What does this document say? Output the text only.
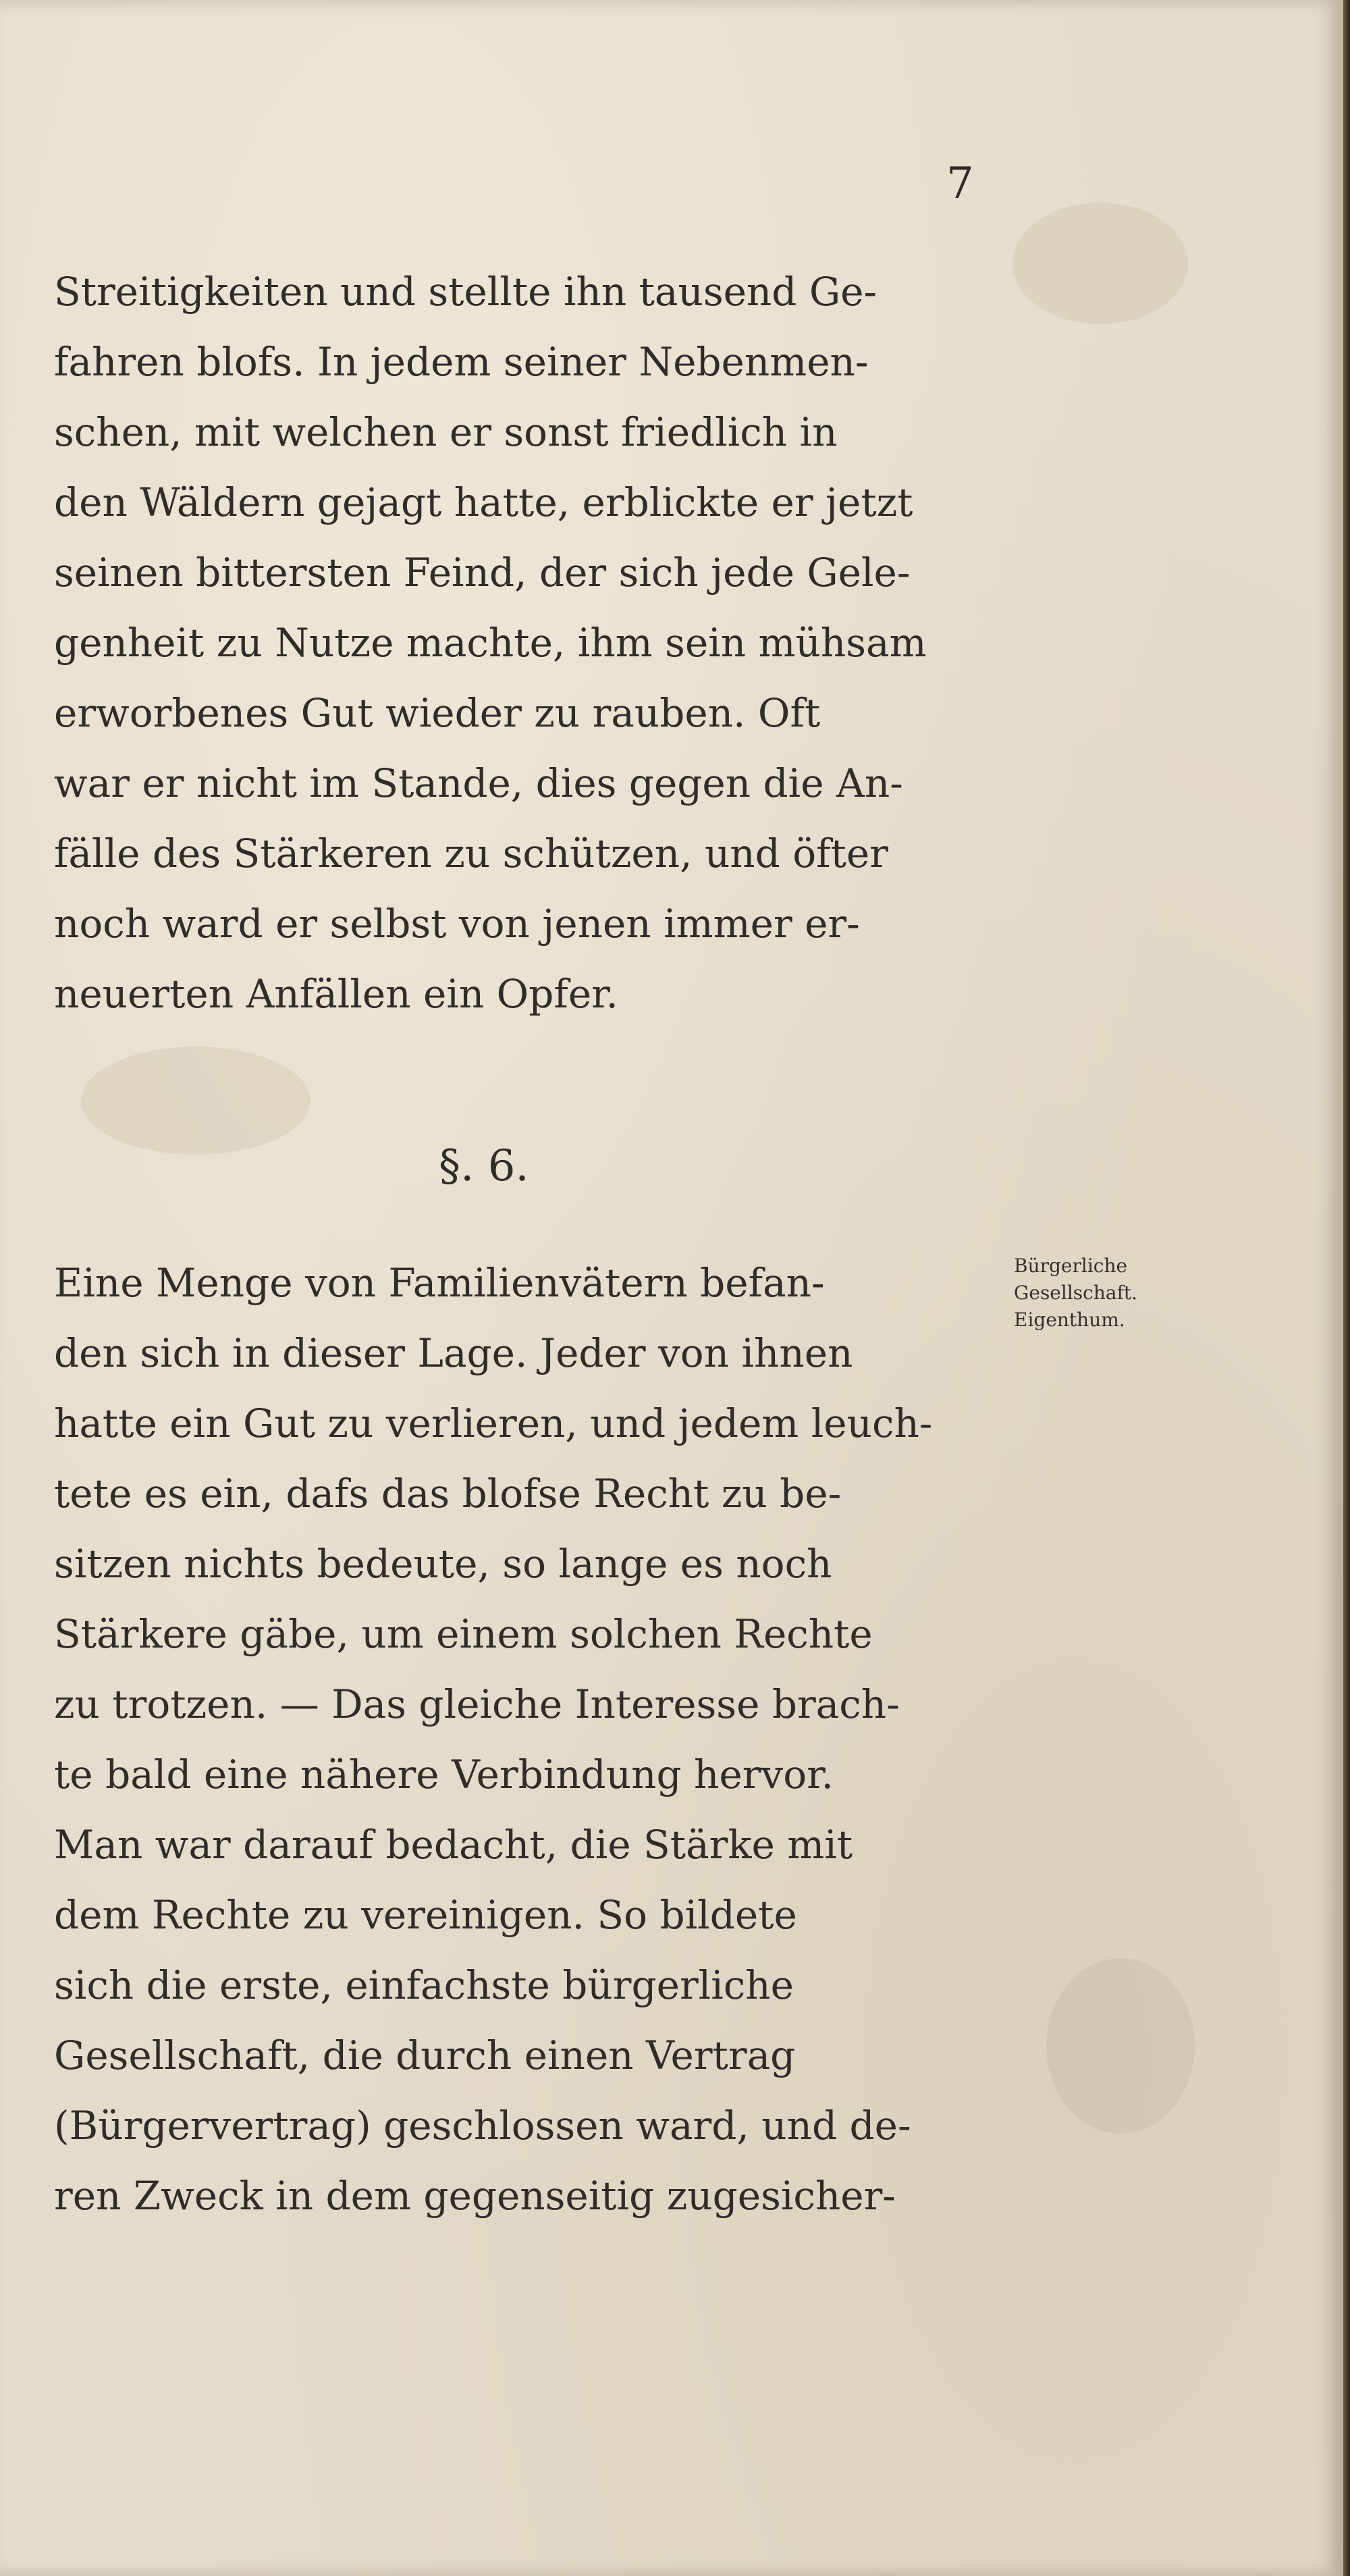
7

Streitigkeiten und stellte ihn tausend Ge-
fahren blofs. In jedem seiner Nebenmen-
schen, mit welchen er sonst friedlich in
den Wäldern gejagt hatte, erblickte er jetzt
seinen bittersten Feind, der sich jede Gele-
genheit zu Nutze machte, ihm sein mühsam
erworbenes Gut wieder zu rauben. Oft
war er nicht im Stande, dies gegen die An-
fälle des Stärkeren zu schützen, und öfter
noch ward er selbst von jenen immer er-
neuerten Anfällen ein Opfer.

§. 6.

Eine Menge von Familienvätern befan-
den sich in dieser Lage. Jeder von ihnen
hatte ein Gut zu verlieren, und jedem leuch-
tete es ein, dafs das blofse Recht zu be-
sitzen nichts bedeute, so lange es noch
Stärkere gäbe, um einem solchen Rechte
zu trotzen. — Das gleiche Interesse brach-
te bald eine nähere Verbindung hervor.
Man war darauf bedacht, die Stärke mit
dem Rechte zu vereinigen. So bildete
sich die erste, einfachste bürgerliche
Gesellschaft, die durch einen Vertrag
(Bürgervertrag) geschlossen ward, und de-
ren Zweck in dem gegenseitig zugesicher-

Bürgerliche
Gesellschaft.
Eigenthum.
